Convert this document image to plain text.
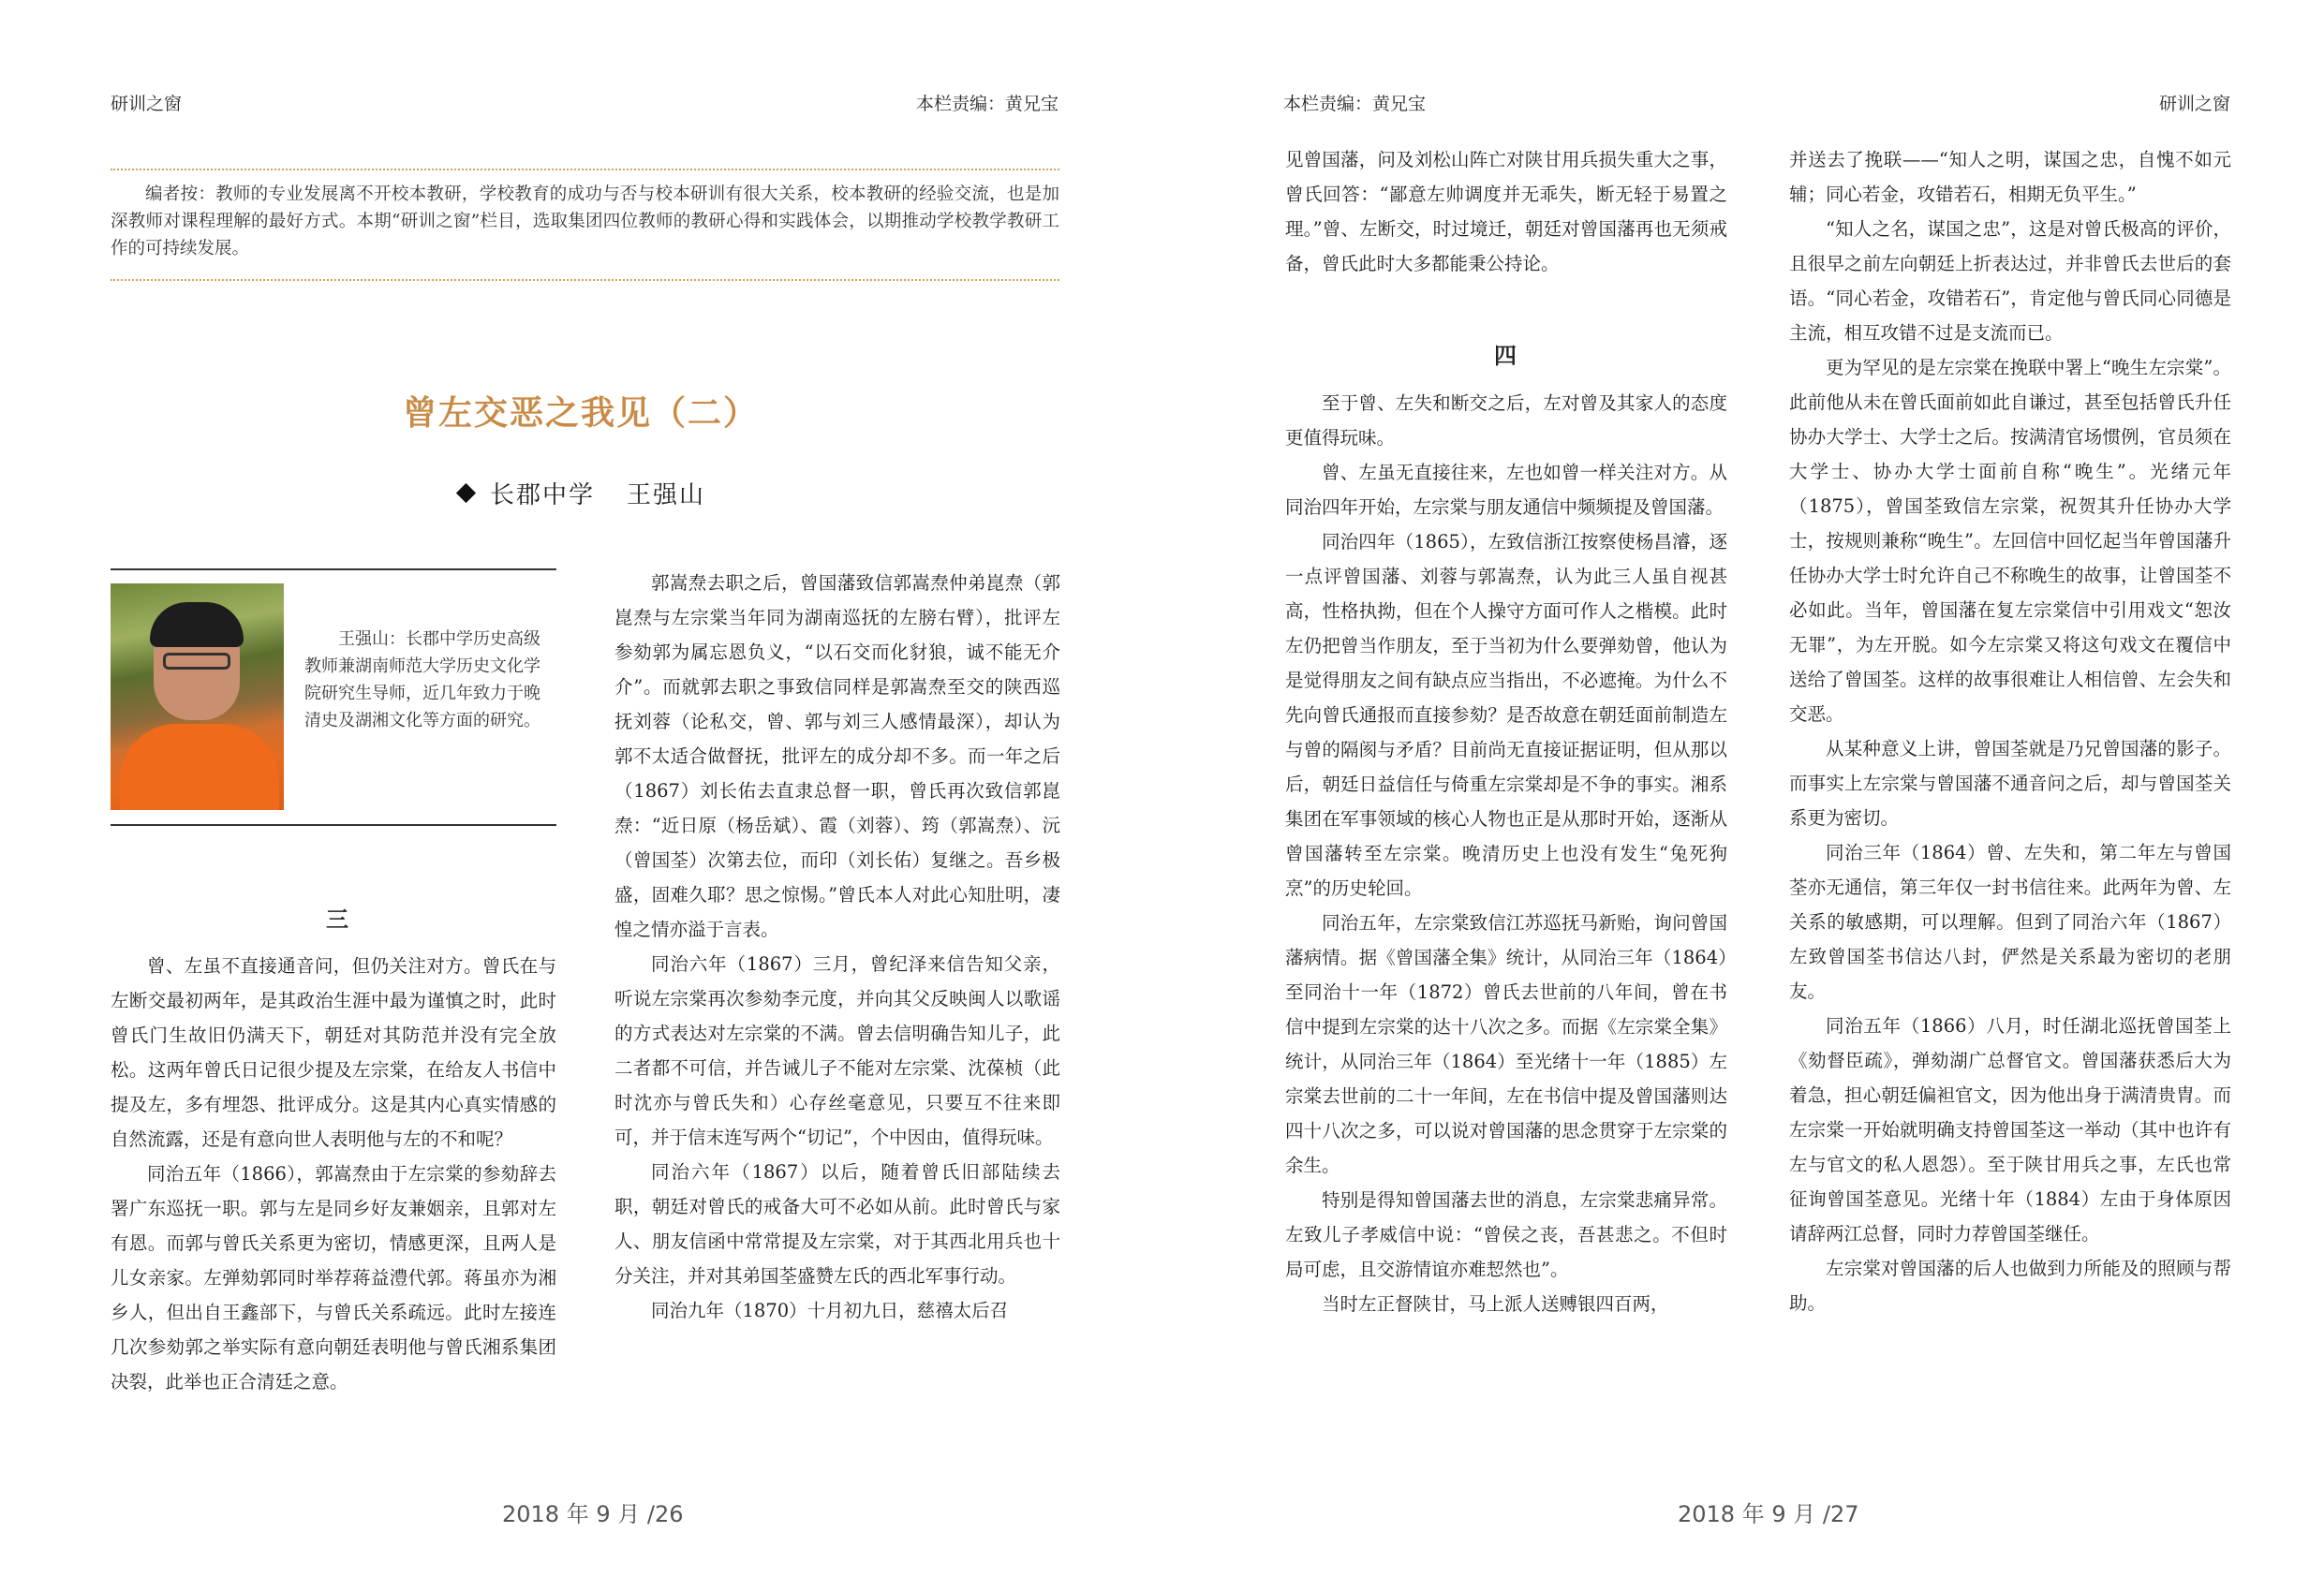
研训之窗	本栏责编：黄兄宝
编者按：教师的专业发展离不开校本教研，学校教育的成功与否与校本研训有很大关系，校本教研的经验交流，也是加深教师对课程理解的最好方式。本期“研训之窗”栏目，选取集团四位教师的教研心得和实践体会，以期推动学校教学教研工作的可持续发展。
曾左交恶之我见（二）
长郡中学 王强山
王强山：长郡中学历史高级教师兼湖南师范大学历史文化学院研究生导师，近几年致力于晚清史及湖湘文化等方面的研究。
三

曾、左虽不直接通音问，但仍关注对方。曾氏在与左断交最初两年，是其政治生涯中最为谨慎之时，此时曾氏门生故旧仍满天下，朝廷对其防范并没有完全放松。这两年曾氏日记很少提及左宗棠，在给友人书信中提及左，多有埋怨、批评成分。这是其内心真实情感的自然流露，还是有意向世人表明他与左的不和呢？

同治五年（1866），郭嵩焘由于左宗棠的参劾辞去署广东巡抚一职。郭与左是同乡好友兼姻亲，且郭对左有恩。而郭与曾氏关系更为密切，情感更深，且两人是儿女亲家。左弹劾郭同时举荐蒋益澧代郭。蒋虽亦为湘乡人，但出自王鑫部下，与曾氏关系疏远。此时左接连几次参劾郭之举实际有意向朝廷表明他与曾氏湘系集团决裂，此举也正合清廷之意。

郭嵩焘去职之后，曾国藩致信郭嵩焘仲弟崑焘（郭崑焘与左宗棠当年同为湖南巡抚的左膀右臂），批评左参劾郭为属忘恩负义，“以石交而化豺狼，诚不能无介介”。而就郭去职之事致信同样是郭嵩焘至交的陕西巡抚刘蓉（论私交，曾、郭与刘三人感情最深），却认为郭不太适合做督抚，批评左的成分却不多。而一年之后（1867）刘长佑去直隶总督一职，曾氏再次致信郭崑焘：“近日原（杨岳斌）、霞（刘蓉）、筠（郭嵩焘）、沅（曾国荃）次第去位，而印（刘长佑）复继之。吾乡极盛，固难久耶？思之惊惕。”曾氏本人对此心知肚明，凄惶之情亦溢于言表。

同治六年（1867）三月，曾纪泽来信告知父亲，听说左宗棠再次参劾李元度，并向其父反映闽人以歌谣的方式表达对左宗棠的不满。曾去信明确告知儿子，此二者都不可信，并告诫儿子不能对左宗棠、沈葆桢（此时沈亦与曾氏失和）心存丝毫意见，只要互不往来即可，并于信末连写两个“切记”，个中因由，值得玩味。

同治六年（1867）以后，随着曾氏旧部陆续去职，朝廷对曾氏的戒备大可不必如从前。此时曾氏与家人、朋友信函中常常提及左宗棠，对于其西北用兵也十分关注，并对其弟国荃盛赞左氏的西北军事行动。

同治九年（1870）十月初九日，慈禧太后召

2018 年 9 月 /26
本栏责编：黄兄宝	研训之窗

见曾国藩，问及刘松山阵亡对陕甘用兵损失重大之事，曾氏回答：“鄙意左帅调度并无乖失，断无轻于易置之理。”曾、左断交，时过境迁，朝廷对曾国藩再也无须戒备，曾氏此时大多都能秉公持论。

四

至于曾、左失和断交之后，左对曾及其家人的态度更值得玩味。

曾、左虽无直接往来，左也如曾一样关注对方。从同治四年开始，左宗棠与朋友通信中频频提及曾国藩。

同治四年（1865），左致信浙江按察使杨昌濬，逐一点评曾国藩、刘蓉与郭嵩焘，认为此三人虽自视甚高，性格执拗，但在个人操守方面可作人之楷模。此时左仍把曾当作朋友，至于当初为什么要弹劾曾，他认为是觉得朋友之间有缺点应当指出，不必遮掩。为什么不先向曾氏通报而直接参劾？是否故意在朝廷面前制造左与曾的隔阂与矛盾？目前尚无直接证据证明，但从那以后，朝廷日益信任与倚重左宗棠却是不争的事实。湘系集团在军事领域的核心人物也正是从那时开始，逐渐从曾国藩转至左宗棠。晚清历史上也没有发生“兔死狗烹”的历史轮回。

同治五年，左宗棠致信江苏巡抚马新贻，询问曾国藩病情。据《曾国藩全集》统计，从同治三年（1864）至同治十一年（1872）曾氏去世前的八年间，曾在书信中提到左宗棠的达十八次之多。而据《左宗棠全集》统计，从同治三年（1864）至光绪十一年（1885）左宗棠去世前的二十一年间，左在书信中提及曾国藩则达四十八次之多，可以说对曾国藩的思念贯穿于左宗棠的余生。

特别是得知曾国藩去世的消息，左宗棠悲痛异常。左致儿子孝威信中说：“曾侯之丧，吾甚悲之。不但时局可虑，且交游情谊亦难恝然也”。

当时左正督陕甘，马上派人送赙银四百两，

并送去了挽联——“知人之明，谋国之忠，自愧不如元辅；同心若金，攻错若石，相期无负平生。”

“知人之名，谋国之忠”，这是对曾氏极高的评价，且很早之前左向朝廷上折表达过，并非曾氏去世后的套语。“同心若金，攻错若石”，肯定他与曾氏同心同德是主流，相互攻错不过是支流而已。

更为罕见的是左宗棠在挽联中署上“晚生左宗棠”。此前他从未在曾氏面前如此自谦过，甚至包括曾氏升任协办大学士、大学士之后。按满清官场惯例，官员须在大学士、协办大学士面前自称“晚生”。光绪元年（1875），曾国荃致信左宗棠，祝贺其升任协办大学士，按规则兼称“晚生”。左回信中回忆起当年曾国藩升任协办大学士时允许自己不称晚生的故事，让曾国荃不必如此。当年，曾国藩在复左宗棠信中引用戏文“恕汝无罪”，为左开脱。如今左宗棠又将这句戏文在覆信中送给了曾国荃。这样的故事很难让人相信曾、左会失和交恶。

从某种意义上讲，曾国荃就是乃兄曾国藩的影子。而事实上左宗棠与曾国藩不通音问之后，却与曾国荃关系更为密切。

同治三年（1864）曾、左失和，第二年左与曾国荃亦无通信，第三年仅一封书信往来。此两年为曾、左关系的敏感期，可以理解。但到了同治六年（1867）左致曾国荃书信达八封，俨然是关系最为密切的老朋友。

同治五年（1866）八月，时任湖北巡抚曾国荃上《劾督臣疏》，弹劾湖广总督官文。曾国藩获悉后大为着急，担心朝廷偏袒官文，因为他出身于满清贵胄。而左宗棠一开始就明确支持曾国荃这一举动（其中也许有左与官文的私人恩怨）。至于陕甘用兵之事，左氏也常征询曾国荃意见。光绪十年（1884）左由于身体原因请辞两江总督，同时力荐曾国荃继任。

左宗棠对曾国藩的后人也做到力所能及的照顾与帮助。

2018 年 9 月 /27
